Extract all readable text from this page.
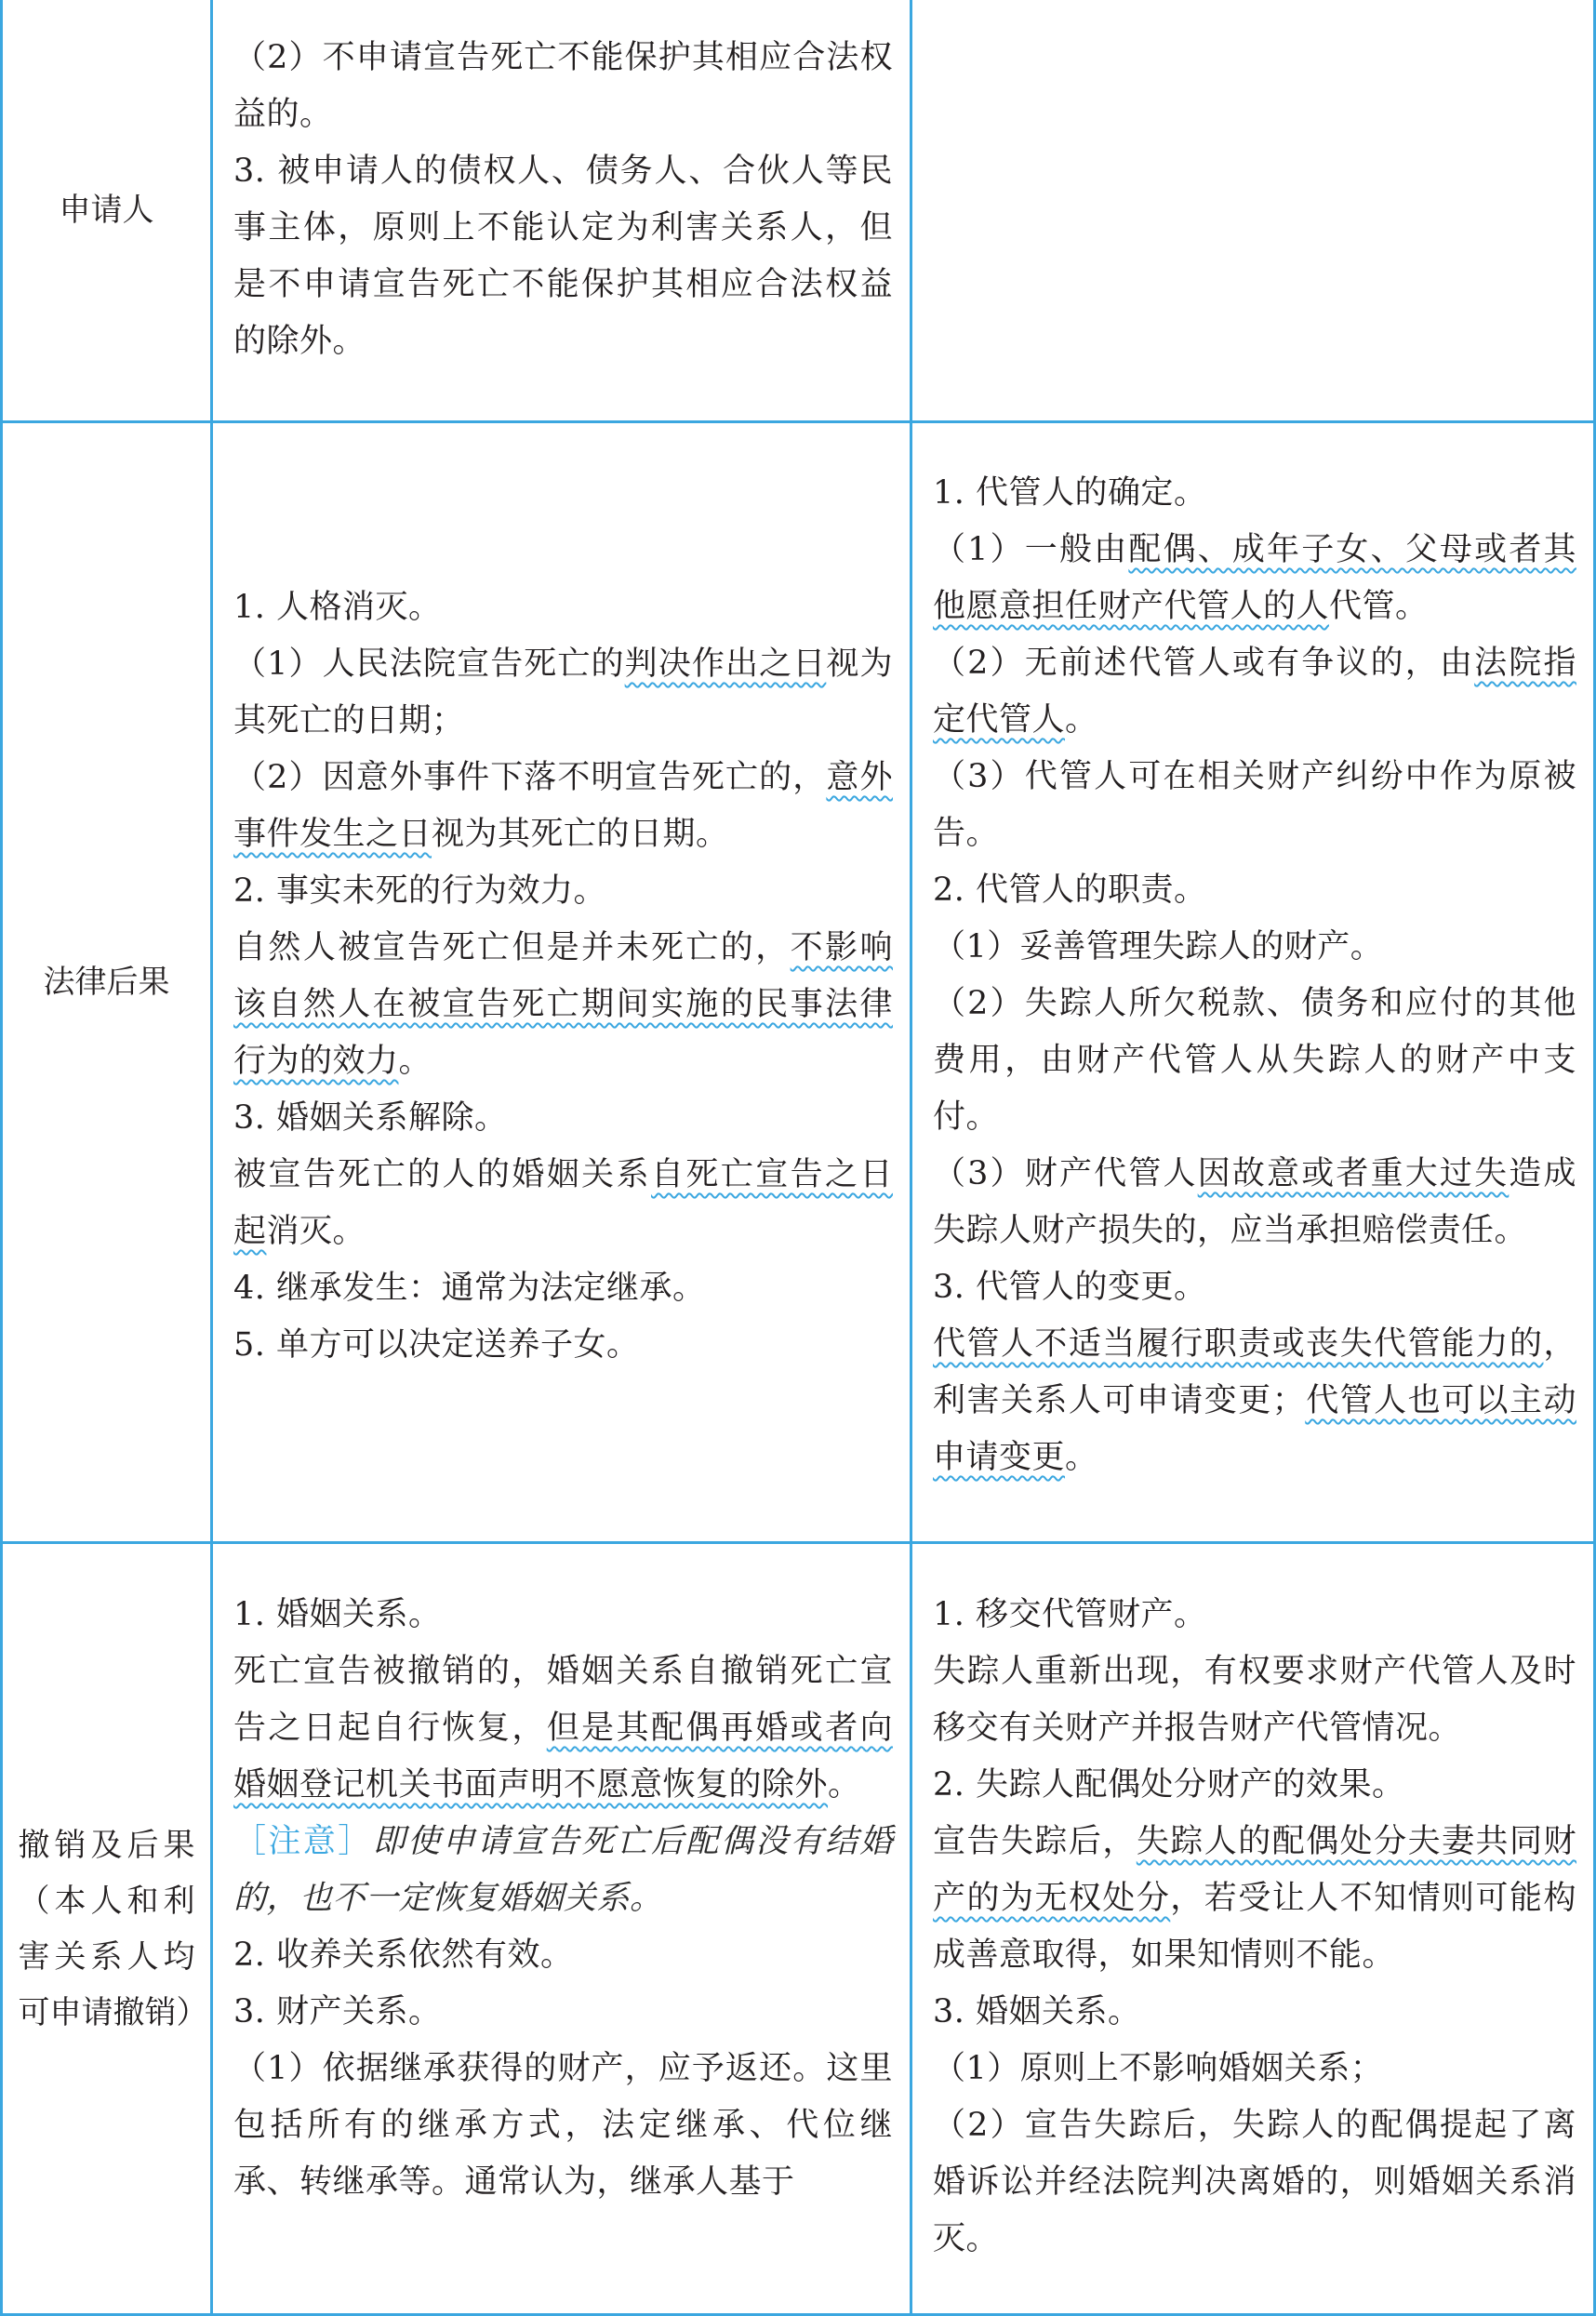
申请人

（2）不申请宣告死亡不能保护其相应合法权益的。

3. 被申请人的债权人、债务人、合伙人等民事主体，原则上不能认定为利害关系人，但是不申请宣告死亡不能保护其相应合法权益的除外。

法律后果

1. 人格消灭。

（1）人民法院宣告死亡的判决作出之日视为其死亡的日期；

（2）因意外事件下落不明宣告死亡的，意外事件发生之日视为其死亡的日期。

2. 事实未死的行为效力。

自然人被宣告死亡但是并未死亡的，不影响该自然人在被宣告死亡期间实施的民事法律行为的效力。

3. 婚姻关系解除。

被宣告死亡的人的婚姻关系自死亡宣告之日起消灭。

4. 继承发生：通常为法定继承。

5. 单方可以决定送养子女。

1. 代管人的确定。

（1）一般由配偶、成年子女、父母或者其他愿意担任财产代管人的人代管。

（2）无前述代管人或有争议的，由法院指定代管人。

（3）代管人可在相关财产纠纷中作为原被告。

2. 代管人的职责。

（1）妥善管理失踪人的财产。

（2）失踪人所欠税款、债务和应付的其他费用，由财产代管人从失踪人的财产中支付。

（3）财产代管人因故意或者重大过失造成失踪人财产损失的，应当承担赔偿责任。

3. 代管人的变更。

代管人不适当履行职责或丧失代管能力的，利害关系人可申请变更；代管人也可以主动申请变更。

撤销及后果（本人和利害关系人均可申请撤销）

1. 婚姻关系。

死亡宣告被撤销的，婚姻关系自撤销死亡宣告之日起自行恢复，但是其配偶再婚或者向婚姻登记机关书面声明不愿意恢复的除外。

［注意］即使申请宣告死亡后配偶没有结婚的，也不一定恢复婚姻关系。

2. 收养关系依然有效。

3. 财产关系。

（1）依据继承获得的财产，应予返还。这里包括所有的继承方式，法定继承、代位继承、转继承等。通常认为，继承人基于

1. 移交代管财产。

失踪人重新出现，有权要求财产代管人及时移交有关财产并报告财产代管情况。

2. 失踪人配偶处分财产的效果。

宣告失踪后，失踪人的配偶处分夫妻共同财产的为无权处分，若受让人不知情则可能构成善意取得，如果知情则不能。

3. 婚姻关系。

（1）原则上不影响婚姻关系；

（2）宣告失踪后，失踪人的配偶提起了离婚诉讼并经法院判决离婚的，则婚姻关系消灭。
